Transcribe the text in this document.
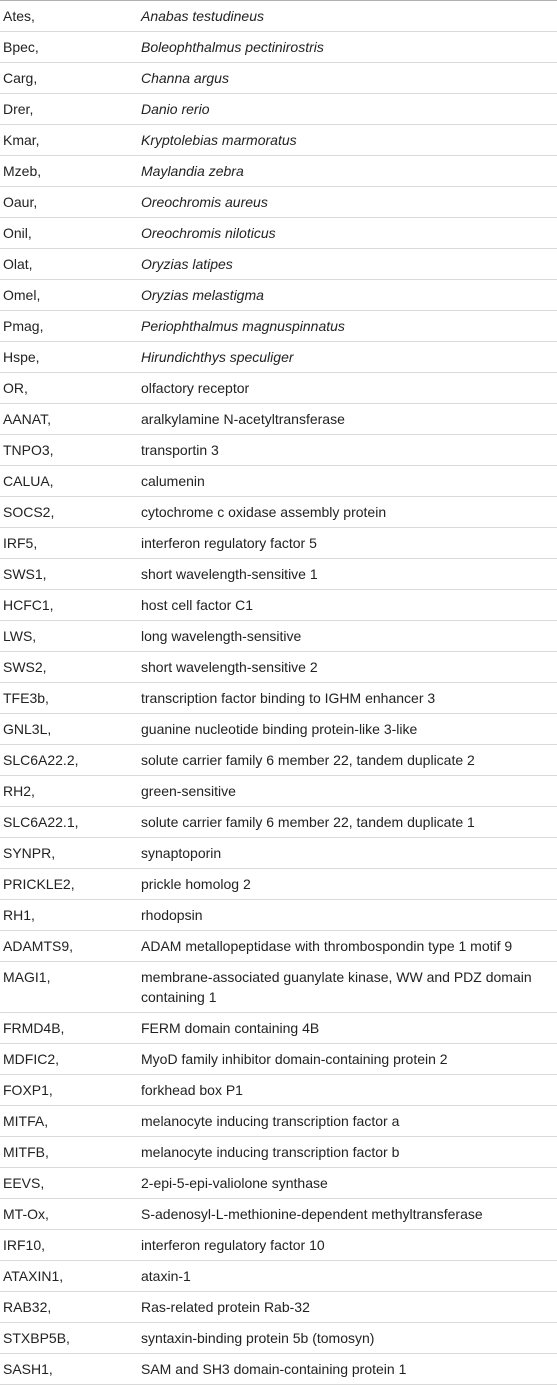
Ates,	Anabas testudineus
Bpec,	Boleophthalmus pectinirostris
Carg,	Channa argus
Drer,	Danio rerio
Kmar,	Kryptolebias marmoratus
Mzeb,	Maylandia zebra
Oaur,	Oreochromis aureus
Onil,	Oreochromis niloticus
Olat,	Oryzias latipes
Omel,	Oryzias melastigma
Pmag,	Periophthalmus magnuspinnatus
Hspe,	Hirundichthys speculiger
OR,	olfactory receptor
AANAT,	aralkylamine N-acetyltransferase
TNPO3,	transportin 3
CALUA,	calumenin
SOCS2,	cytochrome c oxidase assembly protein
IRF5,	interferon regulatory factor 5
SWS1,	short wavelength-sensitive 1
HCFC1,	host cell factor C1
LWS,	long wavelength-sensitive
SWS2,	short wavelength-sensitive 2
TFE3b,	transcription factor binding to IGHM enhancer 3
GNL3L,	guanine nucleotide binding protein-like 3-like
SLC6A22.2,	solute carrier family 6 member 22, tandem duplicate 2
RH2,	green-sensitive
SLC6A22.1,	solute carrier family 6 member 22, tandem duplicate 1
SYNPR,	synaptoporin
PRICKLE2,	prickle homolog 2
RH1,	rhodopsin
ADAMTS9,	ADAM metallopeptidase with thrombospondin type 1 motif 9
MAGI1,	membrane-associated guanylate kinase, WW and PDZ domain containing 1
FRMD4B,	FERM domain containing 4B
MDFIC2,	MyoD family inhibitor domain-containing protein 2
FOXP1,	forkhead box P1
MITFA,	melanocyte inducing transcription factor a
MITFB,	melanocyte inducing transcription factor b
EEVS,	2-epi-5-epi-valiolone synthase
MT-Ox,	S-adenosyl-L-methionine-dependent methyltransferase
IRF10,	interferon regulatory factor 10
ATAXIN1,	ataxin-1
RAB32,	Ras-related protein Rab-32
STXBP5B,	syntaxin-binding protein 5b (tomosyn)
SASH1,	SAM and SH3 domain-containing protein 1
